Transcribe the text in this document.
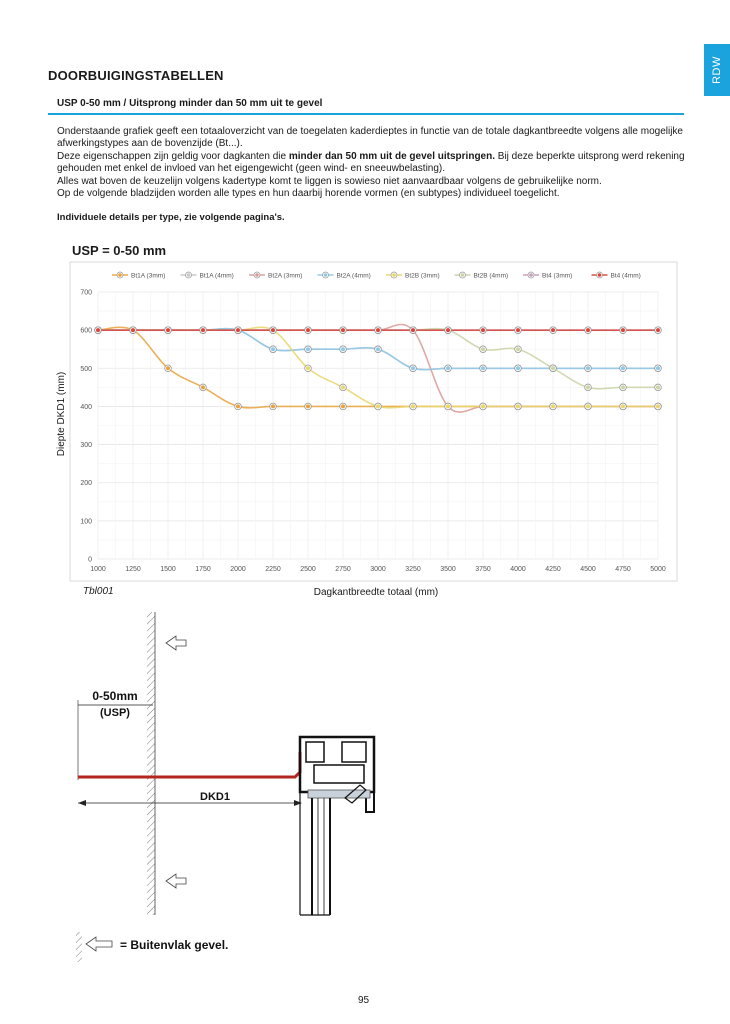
RDW
DOORBUIGINGSTABELLEN
USP 0-50 mm / Uitsprong minder dan 50 mm uit te gevel

Onderstaande grafiek geeft een totaaloverzicht van de toegelaten kaderdieptes in functie van de totale dagkantbreedte volgens alle mogelijke afwerkingstypes aan de bovenzijde (Bt...).

Deze eigenschappen zijn geldig voor dagkanten die minder dan 50 mm uit de gevel uitspringen. Bij deze beperkte uitsprong werd rekening gehouden met enkel de invloed van het eigengewicht (geen wind- en sneeuwbelasting).

Alles wat boven de keuzelijn volgens kadertype komt te liggen is sowieso niet aanvaardbaar volgens de gebruikelijke norm.

Op de volgende bladzijden worden alle types en hun daarbij horende vormen (en subtypes) individueel toegelicht.

Individuele details per type, zie volgende pagina's.
USP = 0-50 mm
Bt1A (3mm)	Bt1A (4mm)	Bt2A (3mm)	Bt2A (4mm)	Bt2B (3mm)	Bt2B (4mm)	Bt4 (3mm)	Bt4 (4mm)
0
100
200
300
400
500
600
700
1000	1250	1500	1750	2000	2250	2500	2750	3000	3250	3500	3750	4000	4250	4500	4750	5000
Diepte DKD1 (mm)
Dagkantbreedte totaal (mm)
Tbl001
0-50mm
(USP)
DKD1
= Buitenvlak gevel.
95
